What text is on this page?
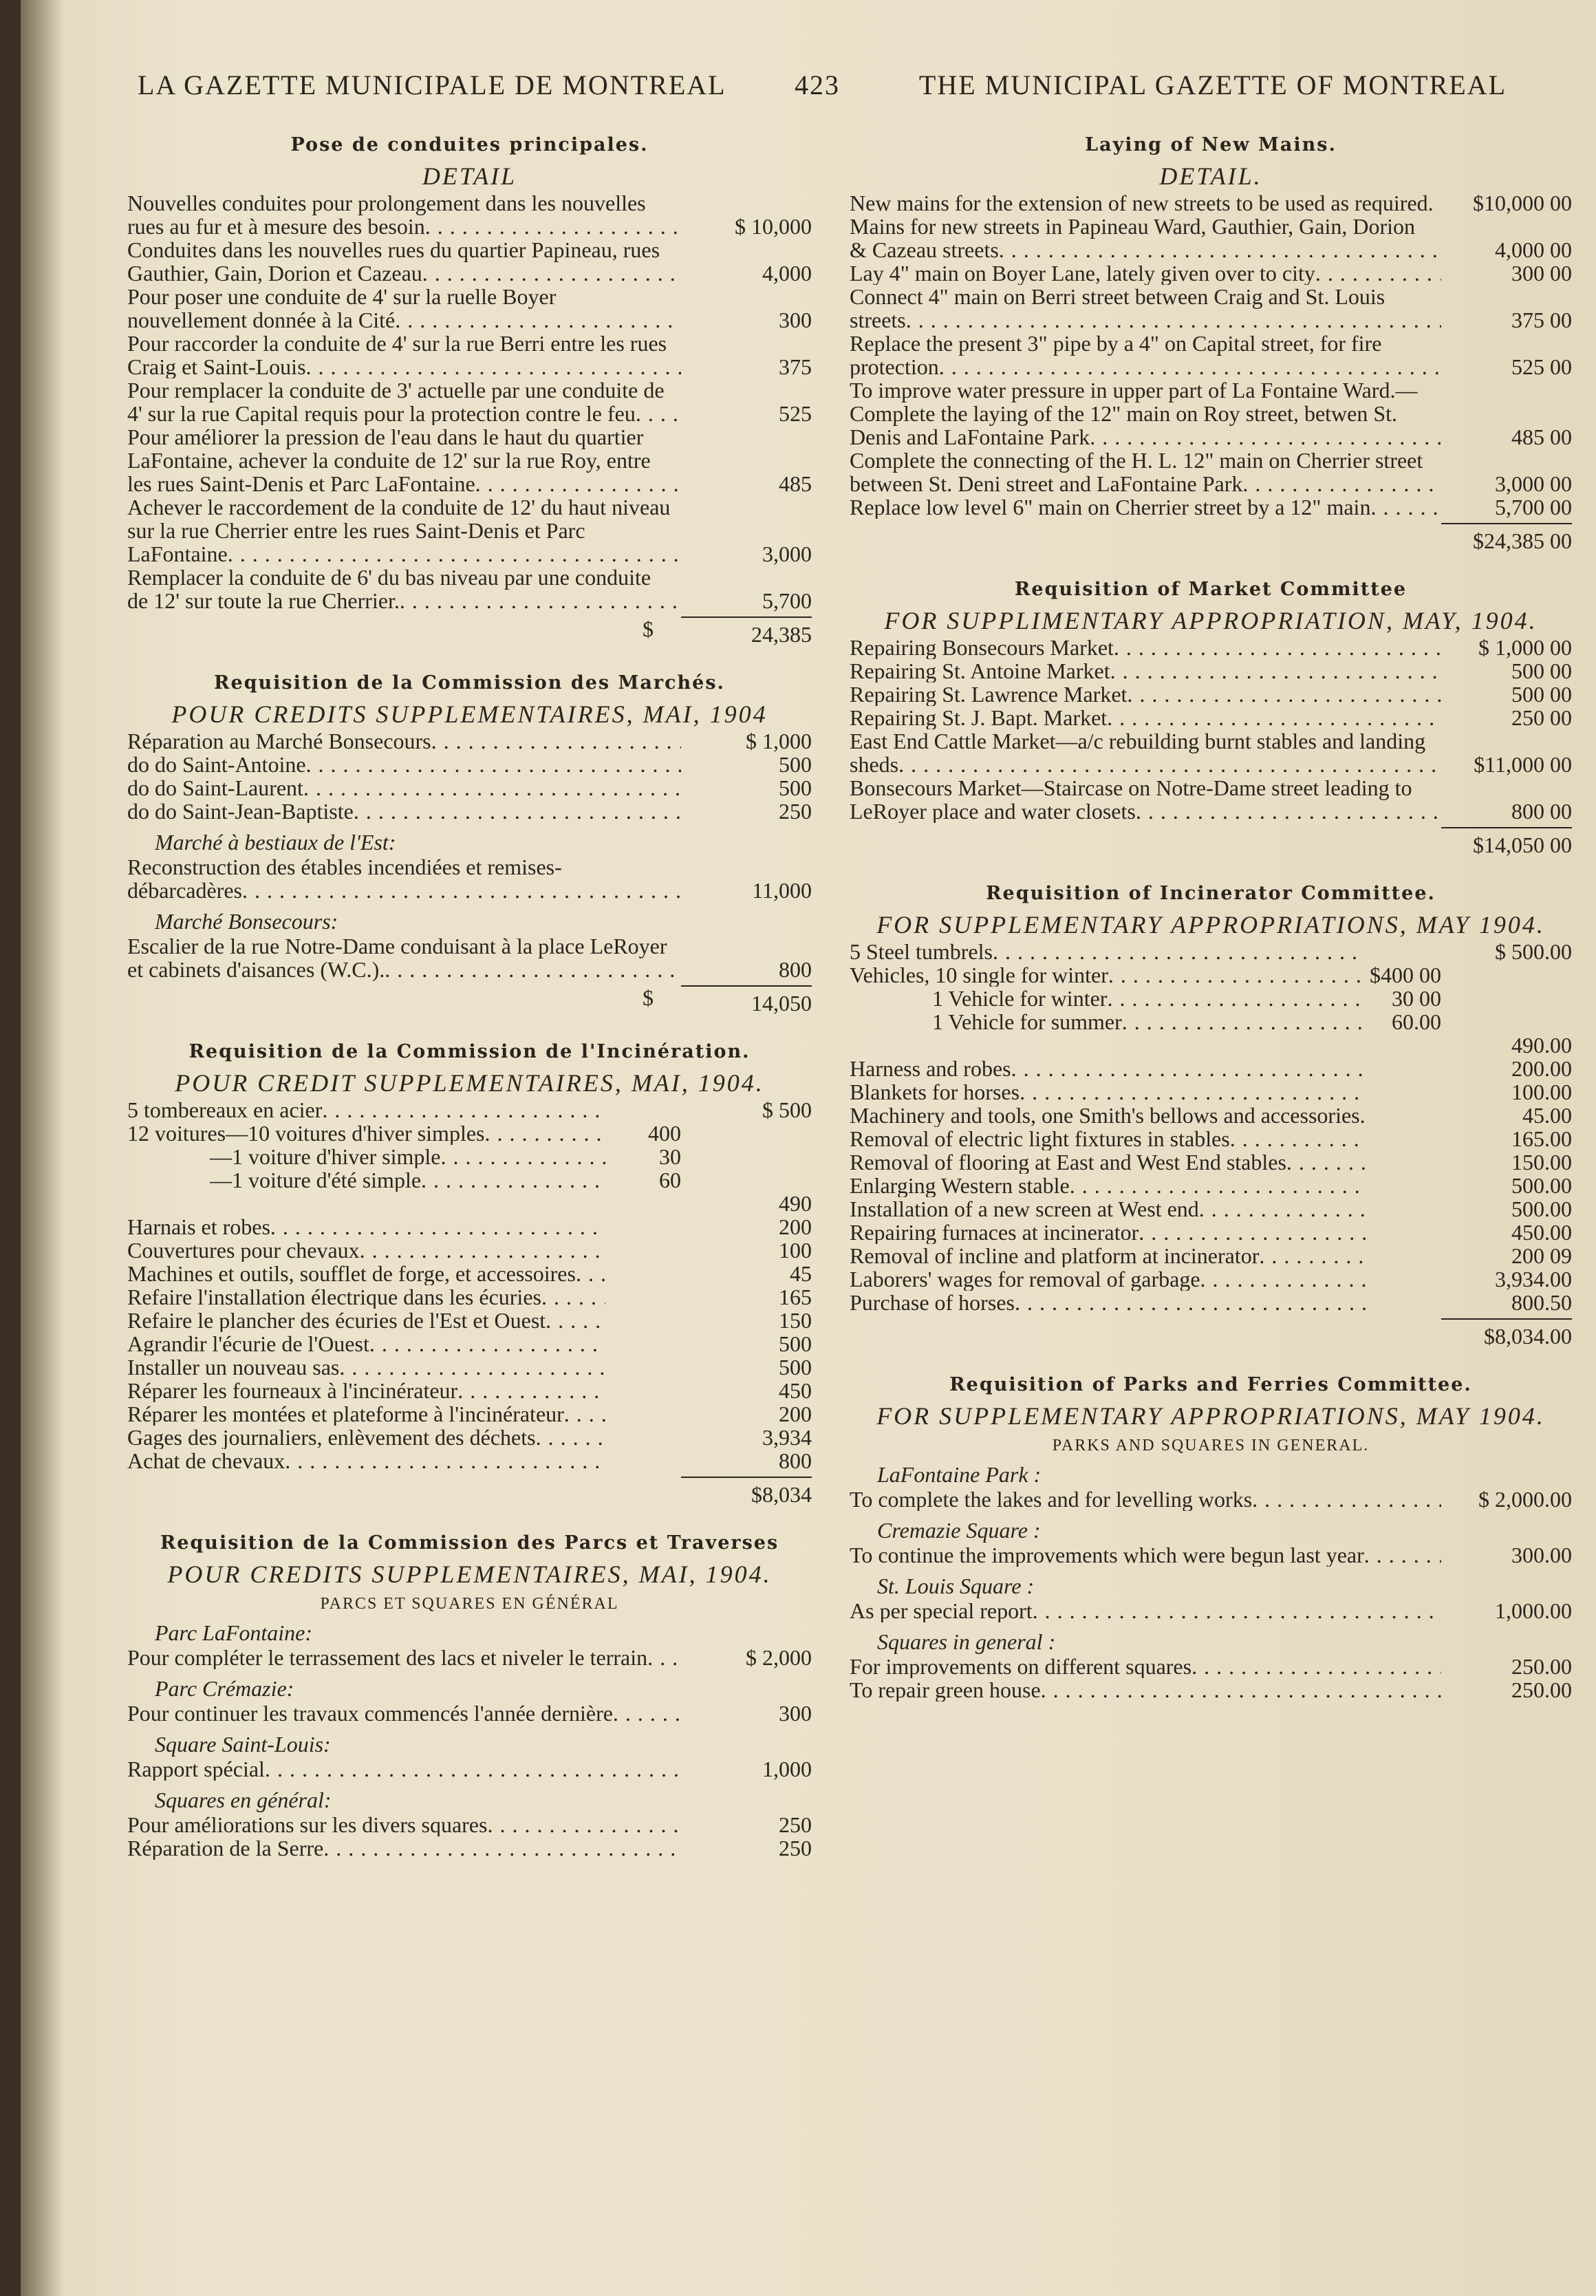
LA GAZETTE MUNICIPALE DE MONTREAL 423	THE MUNICIPAL GAZETTE OF MONTREAL
Pose de conduites principales.
DETAIL
Nouvelles conduites pour prolongement dans les nouvelles rues au fur et à mesure des besoin . . .	$ 10,000
Conduites dans les nouvelles rues du quartier Papineau, rues Gauthier, Gain, Dorion et Cazeau . . .	4,000
Pour poser une conduite de 4' sur la ruelle Boyer nouvellement donnée à la Cité . . .	300
Pour raccorder la conduite de 4' sur la rue Berri entre les rues Craig et Saint-Louis . . .	375
Pour remplacer la conduite de 3' actuelle par une conduite de 4' sur la rue Capital requis pour la protection contre le feu . . .	525
Pour améliorer la pression de l'eau dans le haut du quartier LaFontaine, achever la conduite de 12' sur la rue Roy, entre les rues Saint-Denis et Parc LaFontaine . . .	485
Achever le raccordement de la conduite de 12' du haut niveau sur la rue Cherrier entre les rues Saint-Denis et Parc LaFontaine . . .	3,000
Remplacer la conduite de 6' du bas niveau par une conduite de 12' sur toute la rue Cherrier. . . .	5,700
$	24,385
Requisition de la Commission des Marchés.
POUR CREDITS SUPPLEMENTAIRES, MAI, 1904
Réparation au Marché Bonsecours . . .	$ 1,000
do do Saint-Antoine . . .	500
do do Saint-Laurent . . .	500
do do Saint-Jean-Baptiste . . .	250
Marché à bestiaux de l'Est:
Reconstruction des étables incendiées et remises-débarcadères . . .	11,000
Marché Bonsecours:
Escalier de la rue Notre-Dame conduisant à la place LeRoyer et cabinets d'aisances (W.C.). . . .	800
$	14,050
Requisition de la Commission de l'Incinération.
POUR CREDIT SUPPLEMENTAIRES, MAI, 1904.
5 tombereaux en acier . . .	$ 500
12 voitures—10 voitures d'hiver simples . . .	400
—1 voiture d'hiver simple . . .	30
—1 voiture d'été simple . . .	60
490
Harnais et robes . . .	200
Couvertures pour chevaux . . .	100
Machines et outils, soufflet de forge, et accessoires . . .	45
Refaire l'installation électrique dans les écuries . . .	165
Refaire le plancher des écuries de l'Est et Ouest . . .	150
Agrandir l'écurie de l'Ouest . . .	500
Installer un nouveau sas . . .	500
Réparer les fourneaux à l'incinérateur . . .	450
Réparer les montées et plateforme à l'incinérateur . . .	200
Gages des journaliers, enlèvement des déchets . . .	3,934
Achat de chevaux . . .	800
$8,034
Requisition de la Commission des Parcs et Traverses
POUR CREDITS SUPPLEMENTAIRES, MAI, 1904.
PARCS ET SQUARES EN GÉNÉRAL
Parc LaFontaine:
Pour compléter le terrassement des lacs et niveler le terrain . . .	$ 2,000
Parc Crémazie:
Pour continuer les travaux commencés l'année dernière . . .	300
Square Saint-Louis:
Rapport spécial . . .	1,000
Squares en général:
Pour améliorations sur les divers squares . . .	250
Réparation de la Serre . . .	250
Laying of New Mains.
DETAIL.
New mains for the extension of new streets to be used as required . . .	$10,000 00
Mains for new streets in Papineau Ward, Gauthier, Gain, Dorion & Cazeau streets . . .	4,000 00
Lay 4" main on Boyer Lane, lately given over to city . . .	300 00
Connect 4" main on Berri street between Craig and St. Louis streets . . .	375 00
Replace the present 3" pipe by a 4" on Capital street, for fire protection . . .	525 00
To improve water pressure in upper part of La Fontaine Ward.—Complete the laying of the 12" main on Roy street, betwen St. Denis and LaFontaine Park . . .	485 00
Complete the connecting of the H. L. 12" main on Cherrier street between St. Deni street and LaFontaine Park . . .	3,000 00
Replace low level 6" main on Cherrier street by a 12" main . . .	5,700 00
$24,385 00
Requisition of Market Committee
FOR SUPPLIMENTARY APPROPRIATION, MAY, 1904.
Repairing Bonsecours Market . . .	$ 1,000 00
Repairing St. Antoine Market . . .	500 00
Repairing St. Lawrence Market . . .	500 00
Repairing St. J. Bapt. Market . . .	250 00
East End Cattle Market—a/c rebuilding burnt stables and landing sheds . . .	$11,000 00
Bonsecours Market—Staircase on Notre-Dame street leading to LeRoyer place and water closets . . .	800 00
$14,050 00
Requisition of Incinerator Committee.
FOR SUPPLEMENTARY APPROPRIATIONS, MAY 1904.
5 Steel tumbrels . . .	$ 500.00
Vehicles, 10 single for winter . . .	$400 00
1 Vehicle for winter . . .	30 00
1 Vehicle for summer . . .	60.00
490.00
Harness and robes . . .	200.00
Blankets for horses . . .	100.00
Machinery and tools, one Smith's bellows and accessories . . .	45.00
Removal of electric light fixtures in stables . . .	165.00
Removal of flooring at East and West End stables . . .	150.00
Enlarging Western stable . . .	500.00
Installation of a new screen at West end . . .	500.00
Repairing furnaces at incinerator . . .	450.00
Removal of incline and platform at incinerator . . .	200 09
Laborers' wages for removal of garbage . . .	3,934.00
Purchase of horses . . .	800.50
$8,034.00
Requisition of Parks and Ferries Committee.
FOR SUPPLEMENTARY APPROPRIATIONS, MAY 1904.
PARKS AND SQUARES IN GENERAL.
LaFontaine Park :
To complete the lakes and for levelling works . . .	$ 2,000.00
Cremazie Square :
To continue the improvements which were begun last year . . .	300.00
St. Louis Square :
As per special report . . .	1,000.00
Squares in general :
For improvements on different squares . . .	250.00
To repair green house . . .	250.00
